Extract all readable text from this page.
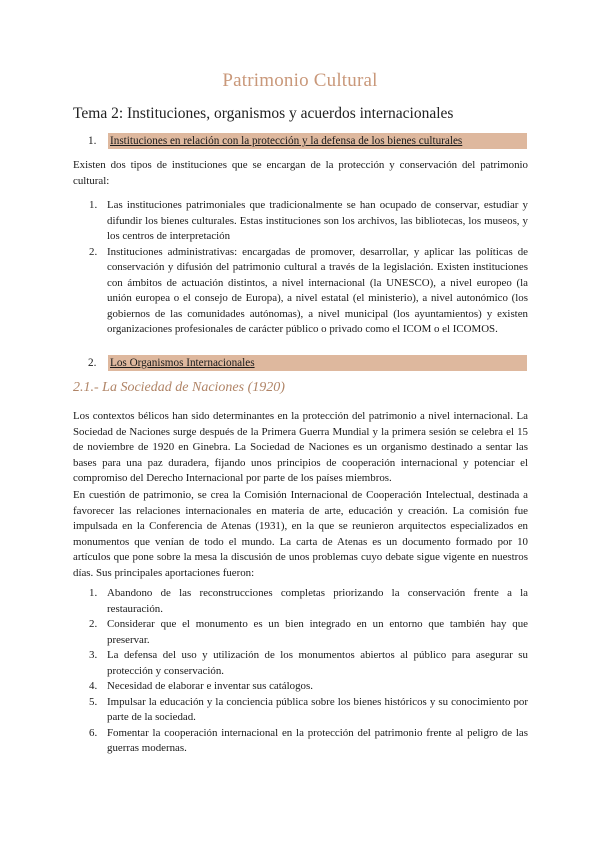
Patrimonio Cultural
Tema 2: Instituciones, organismos y acuerdos internacionales
1. Instituciones en relación con la protección y la defensa de los bienes culturales
Existen dos tipos de instituciones que se encargan de la protección y conservación del patrimonio cultural:
1. Las instituciones patrimoniales que tradicionalmente se han ocupado de conservar, estudiar y difundir los bienes culturales. Estas instituciones son los archivos, las bibliotecas, los museos, y los centros de interpretación
2. Instituciones administrativas: encargadas de promover, desarrollar, y aplicar las políticas de conservación y difusión del patrimonio cultural a través de la legislación. Existen instituciones con ámbitos de actuación distintos, a nivel internacional (la UNESCO), a nivel europeo (la unión europea o el consejo de Europa), a nivel estatal (el ministerio), a nivel autonómico (los gobiernos de las comunidades autónomas), a nivel municipal (los ayuntamientos) y existen organizaciones profesionales de carácter público o privado como el ICOM o el ICOMOS.
2. Los Organismos Internacionales
2.1.- La Sociedad de Naciones (1920)
Los contextos bélicos han sido determinantes en la protección del patrimonio a nivel internacional. La Sociedad de Naciones surge después de la Primera Guerra Mundial y la primera sesión se celebra el 15 de noviembre de 1920 en Ginebra. La Sociedad de Naciones es un organismo destinado a sentar las bases para una paz duradera, fijando unos principios de cooperación internacional y potenciar el compromiso del Derecho Internacional por parte de los países miembros.
En cuestión de patrimonio, se crea la Comisión Internacional de Cooperación Intelectual, destinada a favorecer las relaciones internacionales en materia de arte, educación y creación. La comisión fue impulsada en la Conferencia de Atenas (1931), en la que se reunieron arquitectos especializados en monumentos que venían de todo el mundo. La carta de Atenas es un documento formado por 10 artículos que pone sobre la mesa la discusión de unos problemas cuyo debate sigue vigente en nuestros días. Sus principales aportaciones fueron:
1. Abandono de las reconstrucciones completas priorizando la conservación frente a la restauración.
2. Considerar que el monumento es un bien integrado en un entorno que también hay que preservar.
3. La defensa del uso y utilización de los monumentos abiertos al público para asegurar su protección y conservación.
4. Necesidad de elaborar e inventar sus catálogos.
5. Impulsar la educación y la conciencia pública sobre los bienes históricos y su conocimiento por parte de la sociedad.
6. Fomentar la cooperación internacional en la protección del patrimonio frente al peligro de las guerras modernas.
